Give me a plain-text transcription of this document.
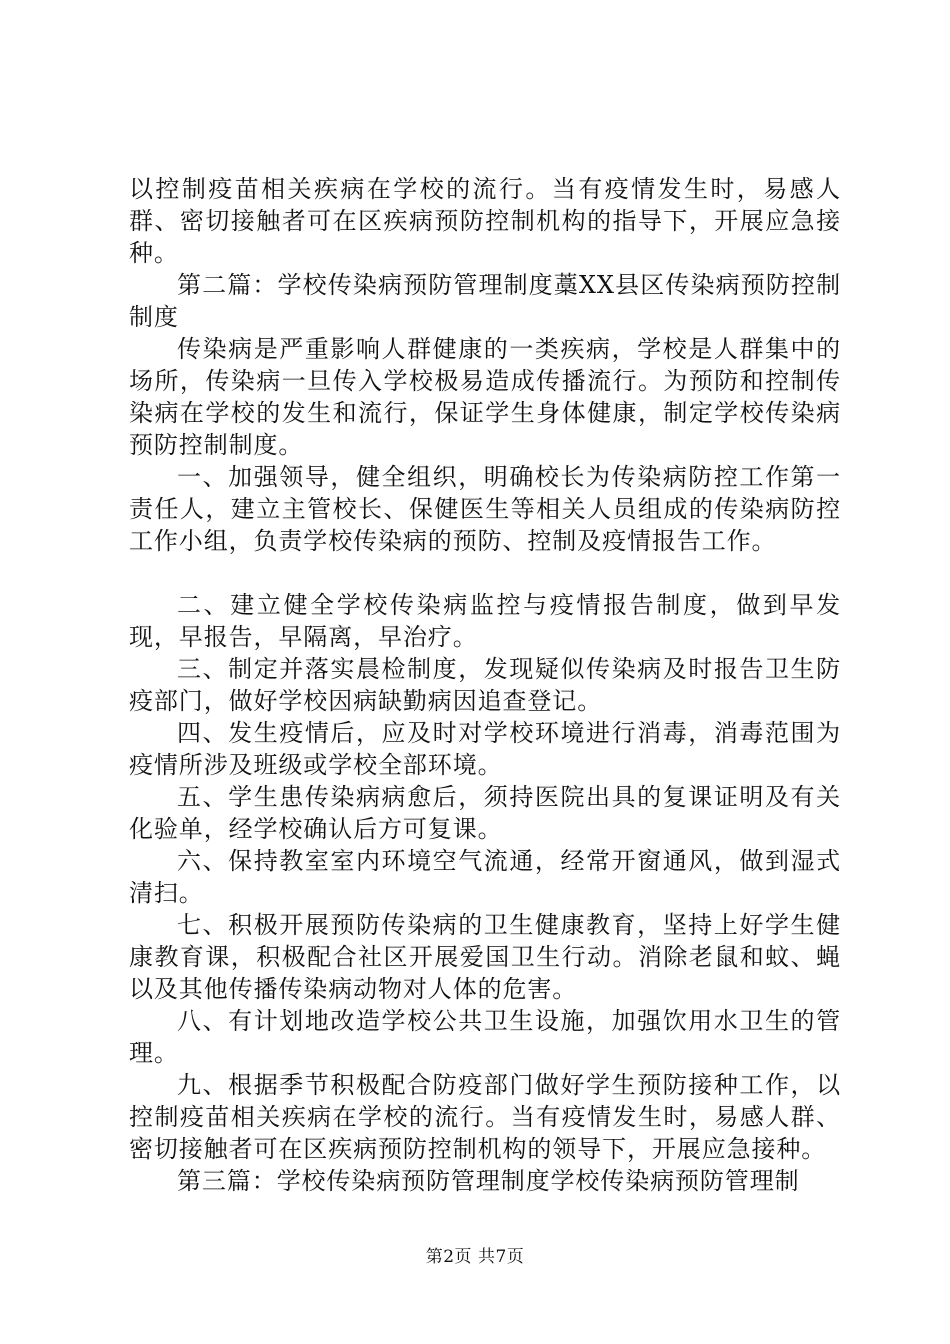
以控制疫苗相关疾病在学校的流行。当有疫情发生时，易感人群、密切接触者可在区疾病预防控制机构的指导下，开展应急接种。

第二篇：学校传染病预防管理制度藁XX县区传染病预防控制制度

传染病是严重影响人群健康的一类疾病，学校是人群集中的场所，传染病一旦传入学校极易造成传播流行。为预防和控制传染病在学校的发生和流行，保证学生身体健康，制定学校传染病预防控制制度。

一、加强领导，健全组织，明确校长为传染病防控工作第一责任人，建立主管校长、保健医生等相关人员组成的传染病防控工作小组，负责学校传染病的预防、控制及疫情报告工作。

二、建立健全学校传染病监控与疫情报告制度，做到早发现，早报告，早隔离，早治疗。

三、制定并落实晨检制度，发现疑似传染病及时报告卫生防疫部门，做好学校因病缺勤病因追查登记。

四、发生疫情后，应及时对学校环境进行消毒，消毒范围为疫情所涉及班级或学校全部环境。

五、学生患传染病病愈后，须持医院出具的复课证明及有关化验单，经学校确认后方可复课。

六、保持教室室内环境空气流通，经常开窗通风，做到湿式清扫。

七、积极开展预防传染病的卫生健康教育，坚持上好学生健康教育课，积极配合社区开展爱国卫生行动。消除老鼠和蚊、蝇以及其他传播传染病动物对人体的危害。

八、有计划地改造学校公共卫生设施，加强饮用水卫生的管理。

九、根据季节积极配合防疫部门做好学生预防接种工作，以控制疫苗相关疾病在学校的流行。当有疫情发生时，易感人群、密切接触者可在区疾病预防控制机构的领导下，开展应急接种。

第三篇：学校传染病预防管理制度学校传染病预防管理制

第2页 共7页
